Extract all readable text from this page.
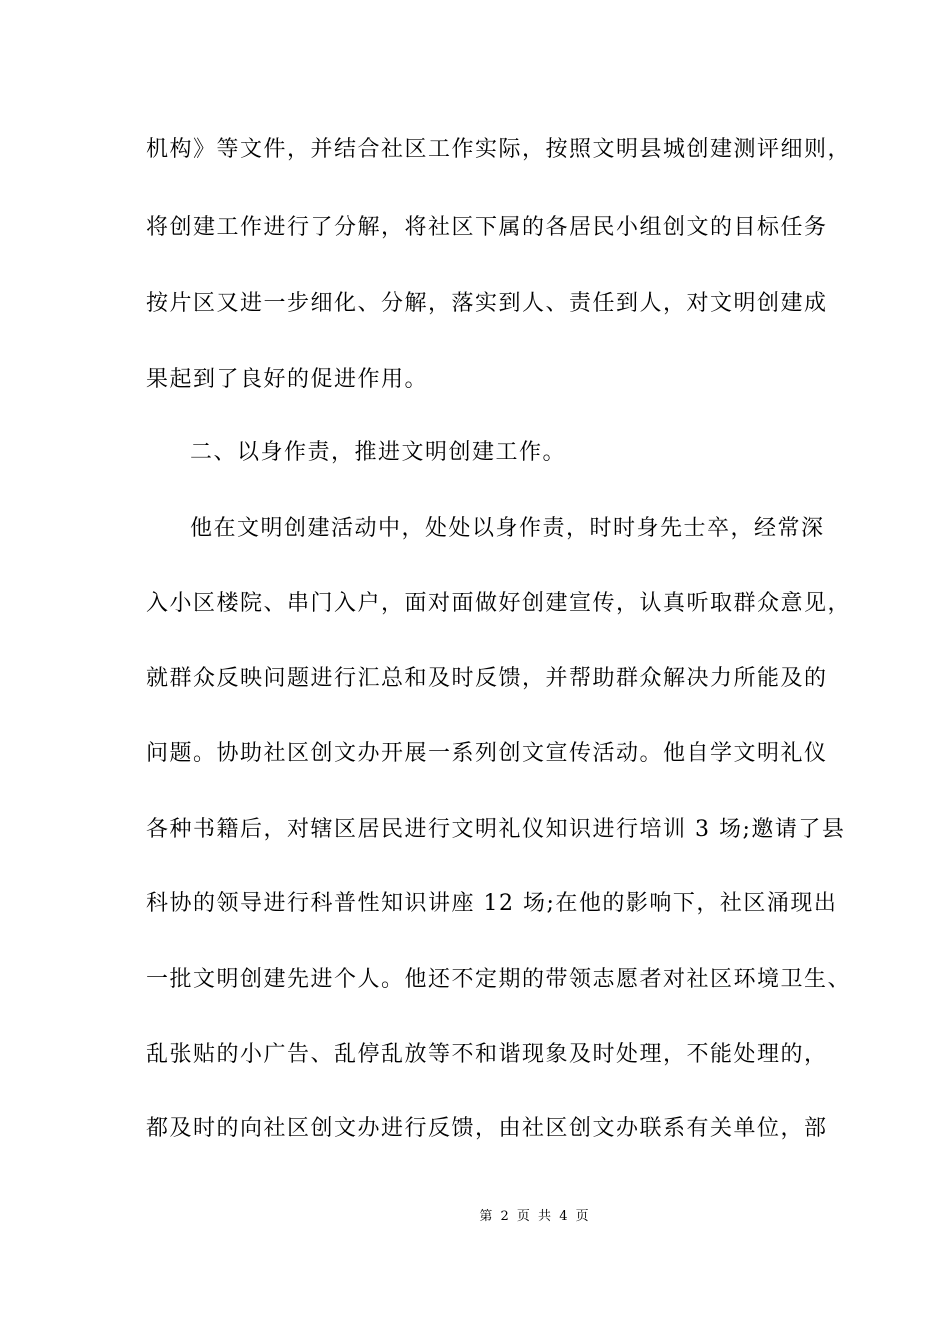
机构》等文件，并结合社区工作实际，按照文明县城创建测评细则，

将创建工作进行了分解，将社区下属的各居民小组创文的目标任务

按片区又进一步细化、分解，落实到人、责任到人，对文明创建成

果起到了良好的促进作用。

二、以身作责，推进文明创建工作。

他在文明创建活动中，处处以身作责，时时身先士卒，经常深

入小区楼院、串门入户，面对面做好创建宣传，认真听取群众意见，

就群众反映问题进行汇总和及时反馈，并帮助群众解决力所能及的

问题。协助社区创文办开展一系列创文宣传活动。他自学文明礼仪

各种书籍后，对辖区居民进行文明礼仪知识进行培训 3 场;邀请了县

科协的领导进行科普性知识讲座 12 场;在他的影响下，社区涌现出

一批文明创建先进个人。他还不定期的带领志愿者对社区环境卫生、

乱张贴的小广告、乱停乱放等不和谐现象及时处理，不能处理的，

都及时的向社区创文办进行反馈，由社区创文办联系有关单位，部

第 2 页 共 4 页
